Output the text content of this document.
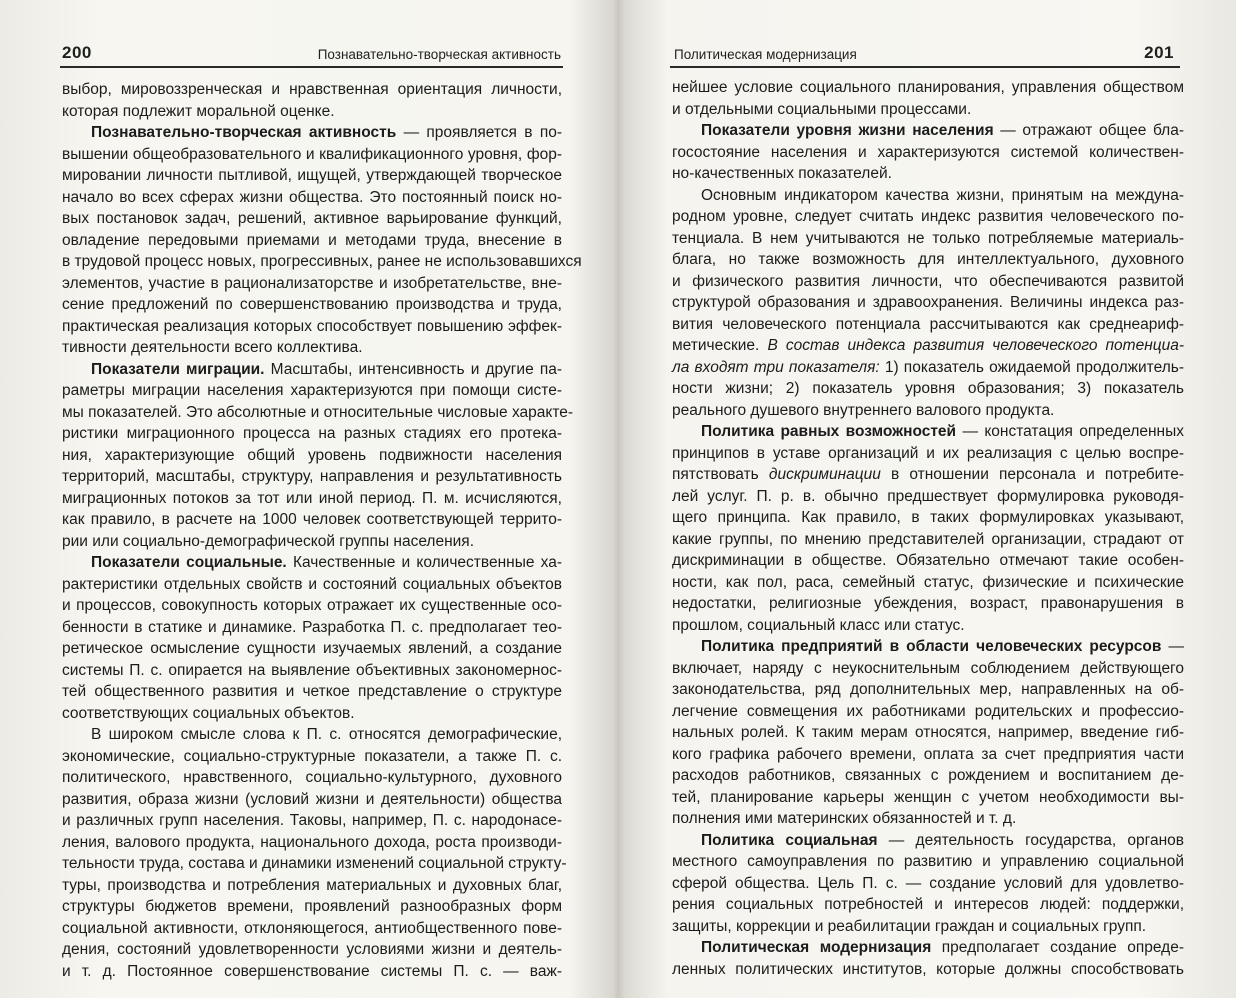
200	Познавательно-творческая активность
выбор, мировоззренческая и нравственная ориентация личности,
которая подлежит моральной оценке.
Познавательно-творческая активность — проявляется в по-
вышении общеобразовательного и квалификационного уровня, фор-
мировании личности пытливой, ищущей, утверждающей творческое
начало во всех сферах жизни общества. Это постоянный поиск но-
вых постановок задач, решений, активное варьирование функций,
овладение передовыми приемами и методами труда, внесение в
в трудовой процесс новых, прогрессивных, ранее не использовавшихся
элементов, участие в рационализаторстве и изобретательстве, вне-
сение предложений по совершенствованию производства и труда,
практическая реализация которых способствует повышению эффек-
тивности деятельности всего коллектива.
Показатели миграции. Масштабы, интенсивность и другие па-
раметры миграции населения характеризуются при помощи систе-
мы показателей. Это абсолютные и относительные числовые характе-
ристики миграционного процесса на разных стадиях его протека-
ния, характеризующие общий уровень подвижности населения
территорий, масштабы, структуру, направления и результативность
миграционных потоков за тот или иной период. П. м. исчисляются,
как правило, в расчете на 1000 человек соответствующей террито-
рии или социально-демографической группы населения.
Показатели социальные. Качественные и количественные ха-
рактеристики отдельных свойств и состояний социальных объектов
и процессов, совокупность которых отражает их существенные осо-
бенности в статике и динамике. Разработка П. с. предполагает тео-
ретическое осмысление сущности изучаемых явлений, а создание
системы П. с. опирается на выявление объективных закономернос-
тей общественного развития и четкое представление о структуре
соответствующих социальных объектов.
В широком смысле слова к П. с. относятся демографические,
экономические, социально-структурные показатели, а также П. с.
политического, нравственного, социально-культурного, духовного
развития, образа жизни (условий жизни и деятельности) общества
и различных групп населения. Таковы, например, П. с. народонасе-
ления, валового продукта, национального дохода, роста производи-
тельности труда, состава и динамики изменений социальной структу-
туры, производства и потребления материальных и духовных благ,
структуры бюджетов времени, проявлений разнообразных форм
социальной активности, отклоняющегося, антиобщественного пове-
дения, состояний удовлетворенности условиями жизни и деятель-
и т. д. Постоянное совершенствование системы П. с. — важ-
Политическая модернизация	201
нейшее условие социального планирования, управления обществом
и отдельными социальными процессами.
Показатели уровня жизни населения — отражают общее бла-
госостояние населения и характеризуются системой количествен-
но-качественных показателей.
Основным индикатором качества жизни, принятым на междуна-
родном уровне, следует считать индекс развития человеческого по-
тенциала. В нем учитываются не только потребляемые материаль-
блага, но также возможность для интеллектуального, духовного
и физического развития личности, что обеспечиваются развитой
структурой образования и здравоохранения. Величины индекса раз-
вития человеческого потенциала рассчитываются как среднеариф-
метические. В состав индекса развития человеческого потенциа-
ла входят три показателя: 1) показатель ожидаемой продолжитель-
ности жизни; 2) показатель уровня образования; 3) показатель
реального душевого внутреннего валового продукта.
Политика равных возможностей — констатация определенных
принципов в уставе организаций и их реализация с целью воспре-
пятствовать дискриминации в отношении персонала и потребите-
лей услуг. П. р. в. обычно предшествует формулировка руководя-
щего принципа. Как правило, в таких формулировках указывают,
какие группы, по мнению представителей организации, страдают от
дискриминации в обществе. Обязательно отмечают такие особен-
ности, как пол, раса, семейный статус, физические и психические
недостатки, религиозные убеждения, возраст, правонарушения в
прошлом, социальный класс или статус.
Политика предприятий в области человеческих ресурсов —
включает, наряду с неукоснительным соблюдением действующего
законодательства, ряд дополнительных мер, направленных на об-
легчение совмещения их работниками родительских и профессио-
нальных ролей. К таким мерам относятся, например, введение гиб-
кого графика рабочего времени, оплата за счет предприятия части
расходов работников, связанных с рождением и воспитанием де-
тей, планирование карьеры женщин с учетом необходимости вы-
полнения ими материнских обязанностей и т. д.
Политика социальная — деятельность государства, органов
местного самоуправления по развитию и управлению социальной
сферой общества. Цель П. с. — создание условий для удовлетво-
рения социальных потребностей и интересов людей: поддержки,
защиты, коррекции и реабилитации граждан и социальных групп.
Политическая модернизация предполагает создание опреде-
ленных политических институтов, которые должны способствовать
